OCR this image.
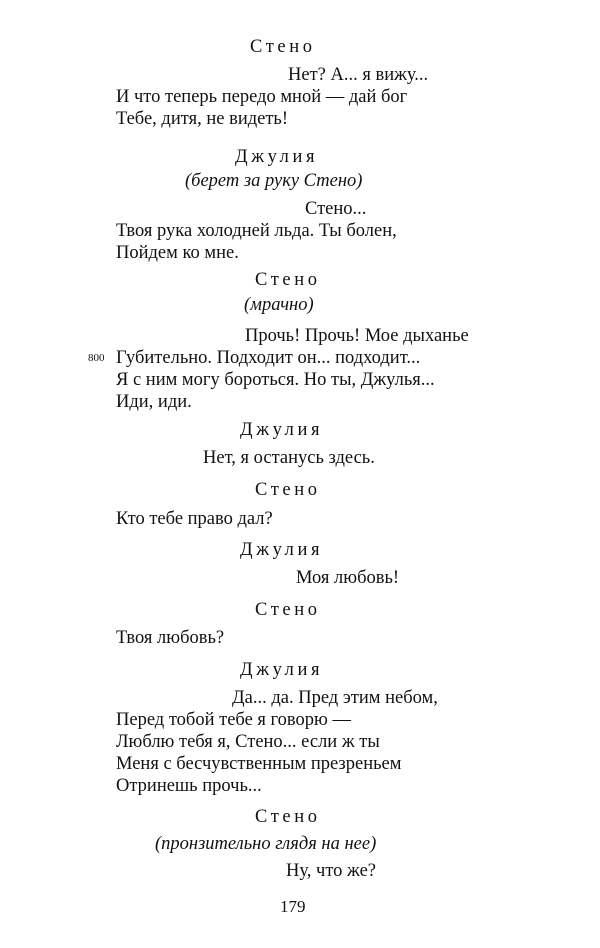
Стено
Нет? А... я вижу...
И что теперь передо мной — дай бог
Тебе, дитя, не видеть!
Джулия
(берет за руку Стено)
Стено...
Твоя рука холодней льда. Ты болен,
Пойдем ко мне.
Стено
(мрачно)
Прочь! Прочь! Мое дыханье
800 Губительно. Подходит он... подходит...
Я с ним могу бороться. Но ты, Джулья...
Иди, иди.
Джулия
Нет, я останусь здесь.
Стено
Кто тебе право дал?
Джулия
Моя любовь!
Стено
Твоя любовь?
Джулия
Да... да. Пред этим небом,
Перед тобой тебе я говорю —
Люблю тебя я, Стено... если ж ты
Меня с бесчувственным презреньем
Отринешь прочь...
Стено
(пронзительно глядя на нее)
Ну, что же?
179
